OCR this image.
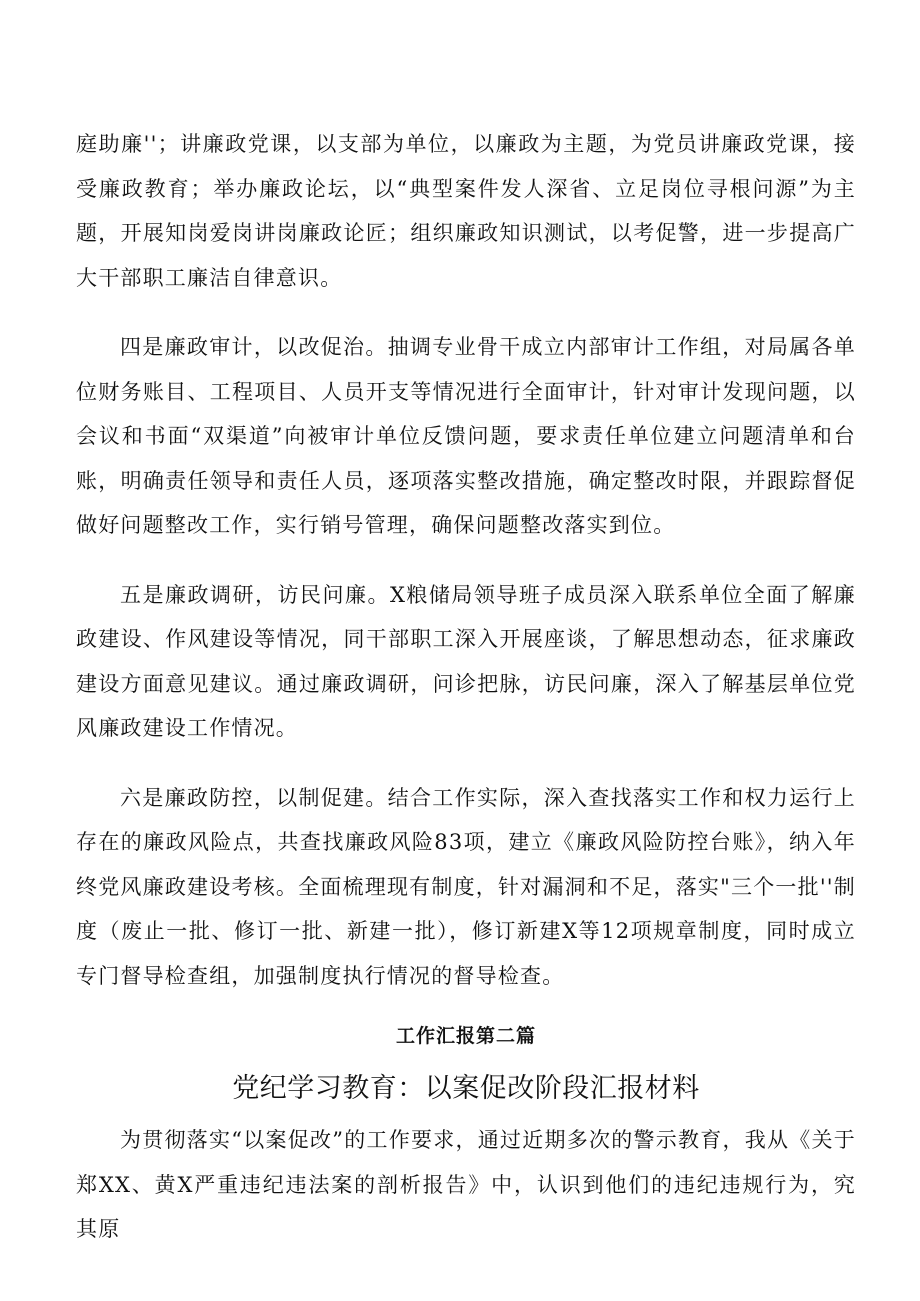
庭助廉''；讲廉政党课，以支部为单位，以廉政为主题，为党员讲廉政党课，接受廉政教育；举办廉政论坛，以“典型案件发人深省、立足岗位寻根问源”为主题，开展知岗爱岗讲岗廉政论匠；组织廉政知识测试，以考促警，进一步提高广大干部职工廉洁自律意识。

四是廉政审计，以改促治。抽调专业骨干成立内部审计工作组，对局属各单位财务账目、工程项目、人员开支等情况进行全面审计，针对审计发现问题，以会议和书面“双渠道”向被审计单位反馈问题，要求责任单位建立问题清单和台账，明确责任领导和责任人员，逐项落实整改措施，确定整改时限，并跟踪督促做好问题整改工作，实行销号管理，确保问题整改落实到位。

五是廉政调研，访民问廉。X粮储局领导班子成员深入联系单位全面了解廉政建设、作风建设等情况，同干部职工深入开展座谈，了解思想动态，征求廉政建设方面意见建议。通过廉政调研，问诊把脉，访民问廉，深入了解基层单位党风廉政建设工作情况。

六是廉政防控，以制促建。结合工作实际，深入查找落实工作和权力运行上存在的廉政风险点，共查找廉政风险83项，建立《廉政风险防控台账》，纳入年终党风廉政建设考核。全面梳理现有制度，针对漏洞和不足，落实"三个一批''制度（废止一批、修订一批、新建一批），修订新建X等12项规章制度，同时成立专门督导检查组，加强制度执行情况的督导检查。

工作汇报第二篇
党纪学习教育：以案促改阶段汇报材料

为贯彻落实“以案促改”的工作要求，通过近期多次的警示教育，我从《关于郑XX、黄X严重违纪违法案的剖析报告》中，认识到他们的违纪违规行为，究其原
